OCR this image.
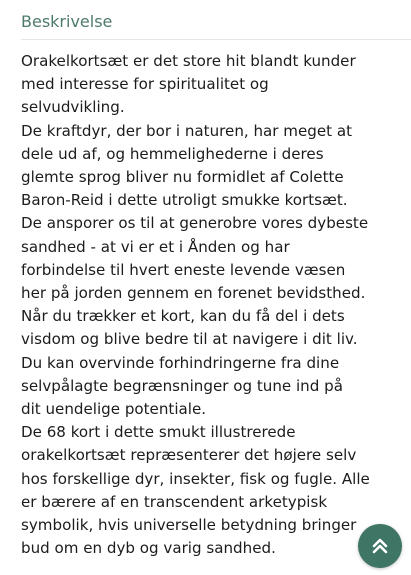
Beskrivelse

Orakelkortsæt er det store hit blandt kunder

med interesse for spiritualitet og

selvudvikling.

De kraftdyr, der bor i naturen, har meget at

dele ud af, og hemmelighederne i deres

glemte sprog bliver nu formidlet af Colette

Baron-Reid i dette utroligt smukke kortsæt.

De ansporer os til at generobre vores dybeste

sandhed - at vi er et i Ånden og har

forbindelse til hvert eneste levende væsen

her på jorden gennem en forenet bevidsthed.

Når du trækker et kort, kan du få del i dets

visdom og blive bedre til at navigere i dit liv.

Du kan overvinde forhindringerne fra dine

selvpålagte begrænsninger og tune ind på

dit uendelige potentiale.

De 68 kort i dette smukt illustrerede

orakelkortsæt repræsenterer det højere selv

hos forskellige dyr, insekter, fisk og fugle. Alle

er bærere af en transcendent arketypisk

symbolik, hvis universelle betydning bringer

bud om en dyb og varig sandhed.
